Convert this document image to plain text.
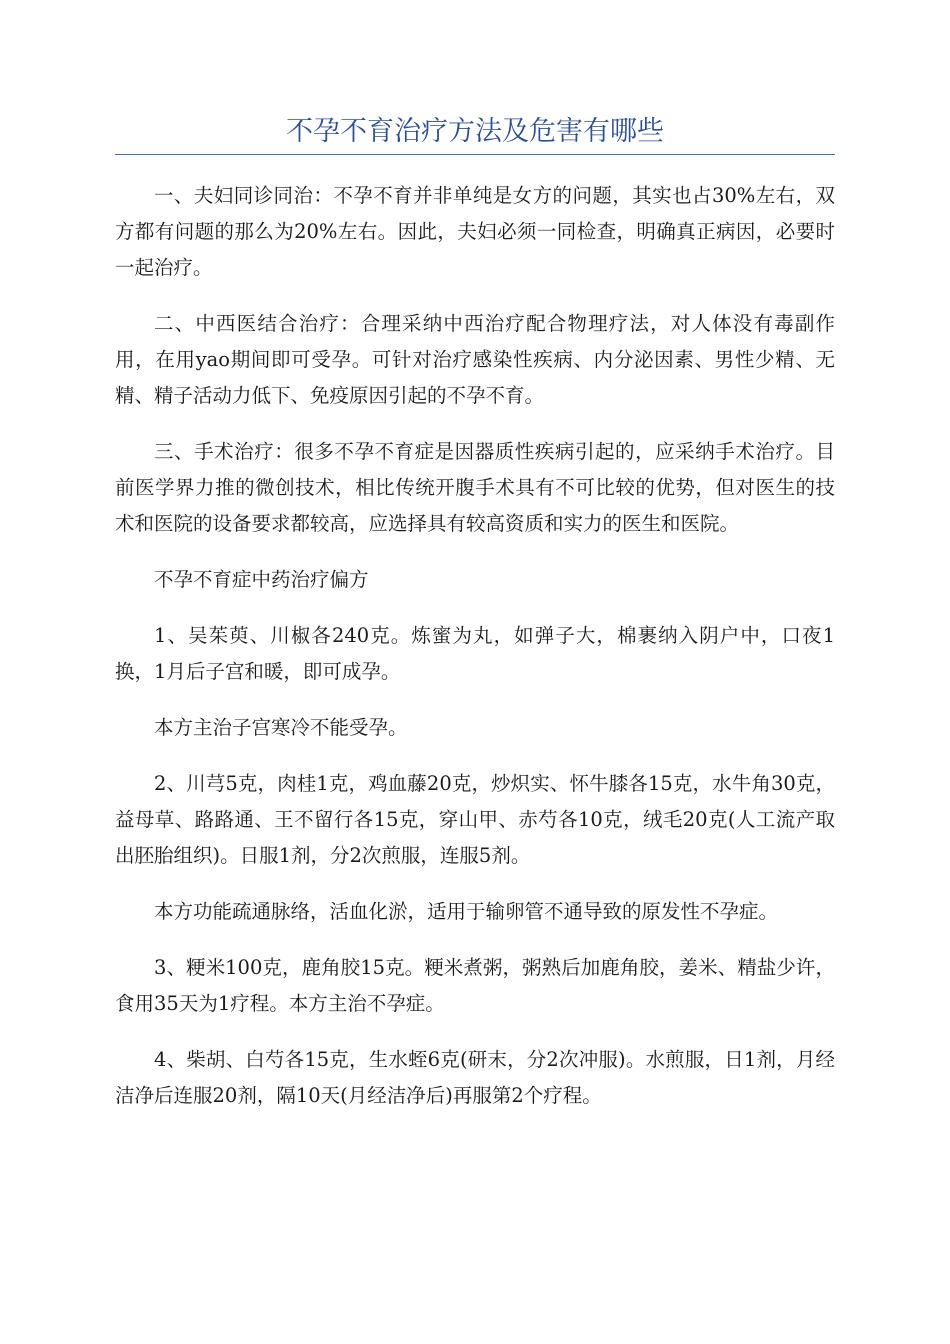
不孕不育治疗方法及危害有哪些

一、夫妇同诊同治：不孕不育并非单纯是女方的问题，其实也占30%左右，双方都有问题的那么为20%左右。因此，夫妇必须一同检查，明确真正病因，必要时一起治疗。

二、中西医结合治疗：合理采纳中西治疗配合物理疗法，对人体没有毒副作用，在用yao期间即可受孕。可针对治疗感染性疾病、内分泌因素、男性少精、无精、精子活动力低下、免疫原因引起的不孕不育。

三、手术治疗：很多不孕不育症是因器质性疾病引起的，应采纳手术治疗。目前医学界力推的微创技术，相比传统开腹手术具有不可比较的优势，但对医生的技术和医院的设备要求都较高，应选择具有较高资质和实力的医生和医院。

不孕不育症中药治疗偏方

1、吴茱萸、川椒各240克。炼蜜为丸，如弹子大，棉裹纳入阴户中，口夜1换，1月后子宫和暖，即可成孕。

本方主治子宫寒冷不能受孕。

2、川芎5克，肉桂1克，鸡血藤20克，炒炽实、怀牛膝各15克，水牛角30克，益母草、路路通、王不留行各15克，穿山甲、赤芍各10克，绒毛20克(人工流产取出胚胎组织)。日服1剂，分2次煎服，连服5剂。

本方功能疏通脉络，活血化淤，适用于输卵管不通导致的原发性不孕症。

3、粳米100克，鹿角胶15克。粳米煮粥，粥熟后加鹿角胶，姜米、精盐少许，食用35天为1疗程。本方主治不孕症。

4、柴胡、白芍各15克，生水蛭6克(研末，分2次冲服)。水煎服，日1剂，月经洁净后连服20剂，隔10天(月经洁净后)再服第2个疗程。
